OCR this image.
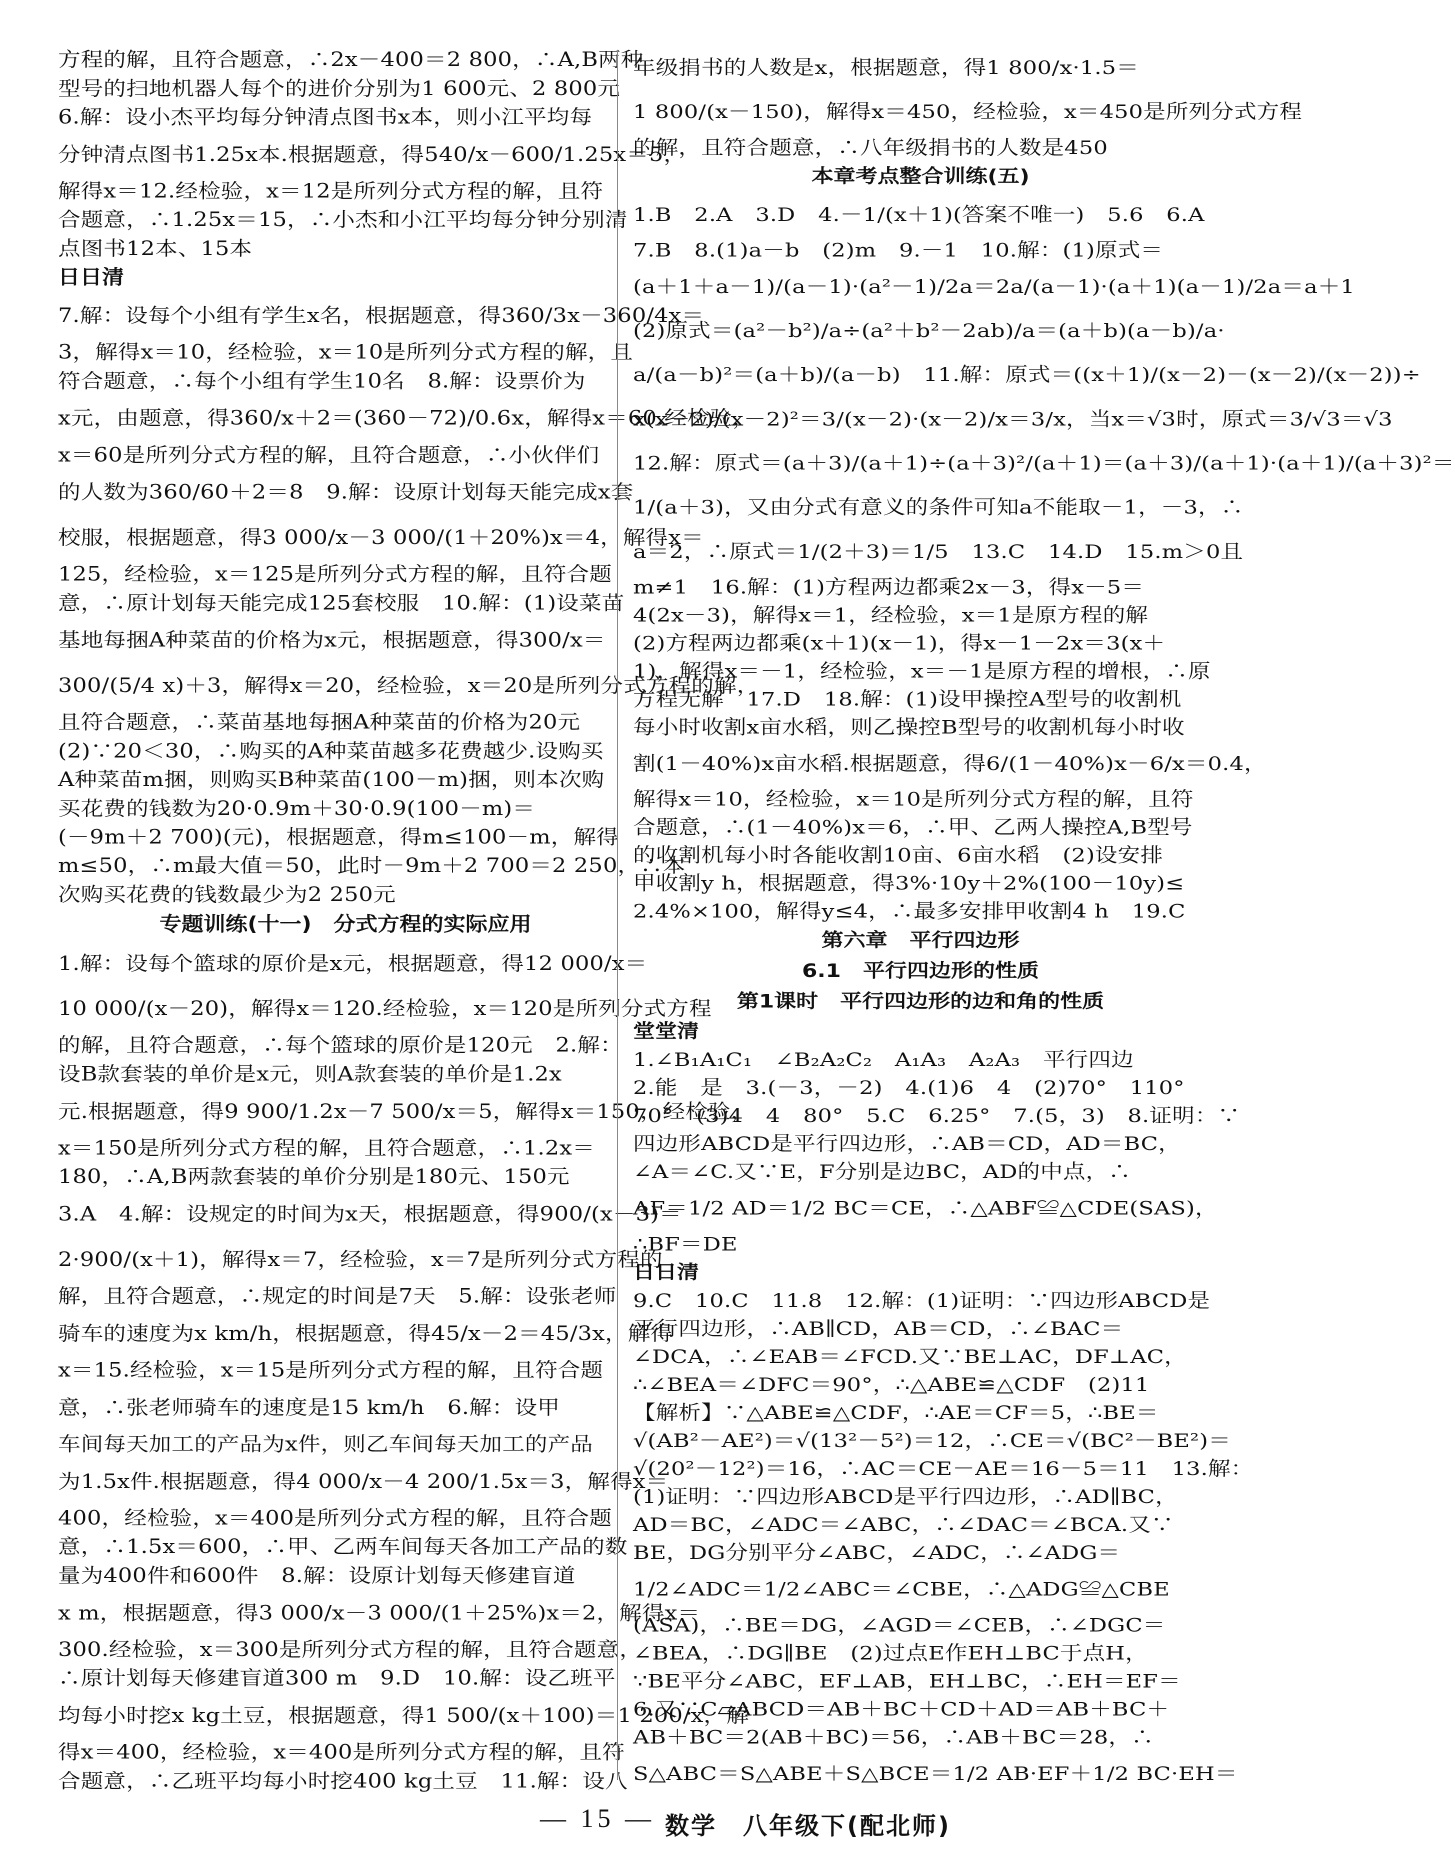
方程的解，且符合题意，∴2x－400＝2 800，∴A,B两种
型号的扫地机器人每个的进价分别为1 600元、2 800元
6.解：设小杰平均每分钟清点图书x本，则小江平均每
分钟清点图书1.25x本.根据题意，得540/x－600/1.25x＝5，
解得x＝12.经检验，x＝12是所列分式方程的解，且符
合题意，∴1.25x＝15，∴小杰和小江平均每分钟分别清
点图书12本、15本
日日清
7.解：设每个小组有学生x名，根据题意，得360/3x－360/4x＝
3，解得x＝10，经检验，x＝10是所列分式方程的解，且
符合题意，∴每个小组有学生10名　8.解：设票价为
x元，由题意，得360/x＋2＝(360－72)/0.6x，解得x＝60.经检验，
x＝60是所列分式方程的解，且符合题意，∴小伙伴们
的人数为360/60＋2＝8　9.解：设原计划每天能完成x套
校服，根据题意，得3 000/x－3 000/(1＋20%)x＝4，解得x＝
125，经检验，x＝125是所列分式方程的解，且符合题
意，∴原计划每天能完成125套校服　10.解：(1)设菜苗
基地每捆A种菜苗的价格为x元，根据题意，得300/x＝
300/(5/4 x)＋3，解得x＝20，经检验，x＝20是所列分式方程的解，
且符合题意，∴菜苗基地每捆A种菜苗的价格为20元
(2)∵20＜30，∴购买的A种菜苗越多花费越少.设购买
A种菜苗m捆，则购买B种菜苗(100－m)捆，则本次购
买花费的钱数为20·0.9m＋30·0.9(100－m)＝
(－9m＋2 700)(元)，根据题意，得m≤100－m，解得
m≤50，∴m最大值＝50，此时－9m＋2 700＝2 250，∴本
次购买花费的钱数最少为2 250元
专题训练(十一)　分式方程的实际应用
1.解：设每个篮球的原价是x元，根据题意，得12 000/x＝
10 000/(x－20)，解得x＝120.经检验，x＝120是所列分式方程
的解，且符合题意，∴每个篮球的原价是120元　2.解：
设B款套装的单价是x元，则A款套装的单价是1.2x
元.根据题意，得9 900/1.2x－7 500/x＝5，解得x＝150，经检验，
x＝150是所列分式方程的解，且符合题意，∴1.2x＝
180，∴A,B两款套装的单价分别是180元、150元
3.A　4.解：设规定的时间为x天，根据题意，得900/(x－3)＝
2·900/(x＋1)，解得x＝7，经检验，x＝7是所列分式方程的
解，且符合题意，∴规定的时间是7天　5.解：设张老师
骑车的速度为x km/h，根据题意，得45/x－2＝45/3x，解得
x＝15.经检验，x＝15是所列分式方程的解，且符合题
意，∴张老师骑车的速度是15 km/h　6.解：设甲
车间每天加工的产品为x件，则乙车间每天加工的产品
为1.5x件.根据题意，得4 000/x－4 200/1.5x＝3，解得x＝
400，经检验，x＝400是所列分式方程的解，且符合题
意，∴1.5x＝600，∴甲、乙两车间每天各加工产品的数
量为400件和600件　8.解：设原计划每天修建盲道
x m，根据题意，得3 000/x－3 000/(1＋25%)x＝2，解得x＝
300.经检验，x＝300是所列分式方程的解，且符合题意，
∴原计划每天修建盲道300 m　9.D　10.解：设乙班平
均每小时挖x kg土豆，根据题意，得1 500/(x＋100)＝1 200/x，解
得x＝400，经检验，x＝400是所列分式方程的解，且符
合题意，∴乙班平均每小时挖400 kg土豆　11.解：设八
年级捐书的人数是x，根据题意，得1 800/x·1.5＝
1 800/(x－150)，解得x＝450，经检验，x＝450是所列分式方程
的解，且符合题意，∴八年级捐书的人数是450
本章考点整合训练(五)
1.B　2.A　3.D　4.－1/(x＋1)(答案不唯一)　5.6　6.A
7.B　8.(1)a－b　(2)m　9.－1　10.解：(1)原式＝
(a＋1＋a－1)/(a－1)·(a²－1)/2a＝2a/(a－1)·(a＋1)(a－1)/2a＝a＋1
(2)原式＝(a²－b²)/a÷(a²＋b²－2ab)/a＝(a＋b)(a－b)/a·
a/(a－b)²＝(a＋b)/(a－b)　11.解：原式＝((x＋1)/(x－2)－(x－2)/(x－2))÷
x(x－2)/(x－2)²＝3/(x－2)·(x－2)/x＝3/x，当x＝√3时，原式＝3/√3＝√3
12.解：原式＝(a＋3)/(a＋1)÷(a＋3)²/(a＋1)＝(a＋3)/(a＋1)·(a＋1)/(a＋3)²＝
1/(a＋3)，又由分式有意义的条件可知a不能取－1，－3，∴
a＝2，∴原式＝1/(2＋3)＝1/5　13.C　14.D　15.m＞0且
m≠1　16.解：(1)方程两边都乘2x－3，得x－5＝
4(2x－3)，解得x＝1，经检验，x＝1是原方程的解
(2)方程两边都乘(x＋1)(x－1)，得x－1－2x＝3(x＋
1)，解得x＝－1，经检验，x＝－1是原方程的增根，∴原
方程无解　17.D　18.解：(1)设甲操控A型号的收割机
每小时收割x亩水稻，则乙操控B型号的收割机每小时收
割(1－40%)x亩水稻.根据题意，得6/(1－40%)x－6/x＝0.4，
解得x＝10，经检验，x＝10是所列分式方程的解，且符
合题意，∴(1－40%)x＝6，∴甲、乙两人操控A,B型号
的收割机每小时各能收割10亩、6亩水稻　(2)设安排
甲收割y h，根据题意，得3%·10y＋2%(100－10y)≤
2.4%×100，解得y≤4，∴最多安排甲收割4 h　19.C
第六章　平行四边形
6.1　平行四边形的性质
第1课时　平行四边形的边和角的性质
堂堂清
1.∠B₁A₁C₁　∠B₂A₂C₂　A₁A₃　A₂A₃　平行四边
2.能　是　3.(－3，－2)　4.(1)6　4　(2)70°　110°
70°　(3)4　4　80°　5.C　6.25°　7.(5，3)　8.证明：∵
四边形ABCD是平行四边形，∴AB＝CD，AD＝BC，
∠A＝∠C.又∵E，F分别是边BC，AD的中点，∴
AF＝1/2 AD＝1/2 BC＝CE，∴△ABF≌△CDE(SAS)，
∴BF＝DE
日日清
9.C　10.C　11.8　12.解：(1)证明：∵四边形ABCD是
平行四边形，∴AB∥CD，AB＝CD，∴∠BAC＝
∠DCA，∴∠EAB＝∠FCD.又∵BE⊥AC，DF⊥AC，
∴∠BEA＝∠DFC＝90°，∴△ABE≌△CDF　(2)11
【解析】∵△ABE≌△CDF，∴AE＝CF＝5，∴BE＝
√(AB²－AE²)＝√(13²－5²)＝12，∴CE＝√(BC²－BE²)＝
√(20²－12²)＝16，∴AC＝CE－AE＝16－5＝11　13.解：
(1)证明：∵四边形ABCD是平行四边形，∴AD∥BC，
AD＝BC，∠ADC＝∠ABC，∴∠DAC＝∠BCA.又∵
BE，DG分别平分∠ABC，∠ADC，∴∠ADG＝
1/2∠ADC＝1/2∠ABC＝∠CBE，∴△ADG≌△CBE
(ASA)，∴BE＝DG，∠AGD＝∠CEB，∴∠DGC＝
∠BEA，∴DG∥BE　(2)过点E作EH⊥BC于点H，
∵BE平分∠ABC，EF⊥AB，EH⊥BC，∴EH＝EF＝
6.又∵C▱ABCD＝AB＋BC＋CD＋AD＝AB＋BC＋
AB＋BC＝2(AB＋BC)＝56，∴AB＋BC＝28，∴
S△ABC＝S△ABE＋S△BCE＝1/2 AB·EF＋1/2 BC·EH＝
— 15 — 数学　八年级下(配北师)
